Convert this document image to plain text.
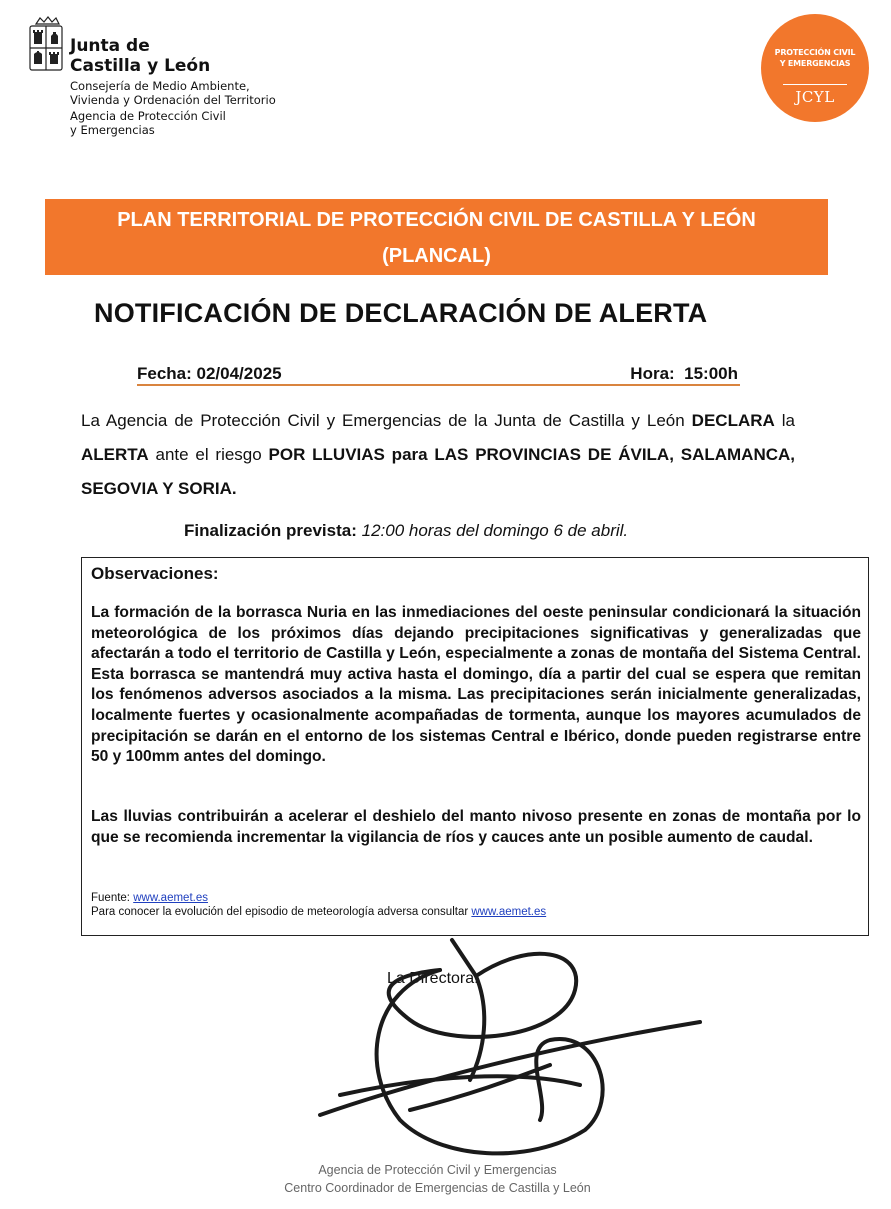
Junta de
Castilla y León
Consejería de Medio Ambiente,
Vivienda y Ordenación del Territorio
Agencia de Protección Civil
y Emergencias
PROTECCIÓN CIVIL
Y EMERGENCIAS
JCYL
PLAN TERRITORIAL DE PROTECCIÓN CIVIL DE CASTILLA Y LEÓN
(PLANCAL)
NOTIFICACIÓN DE DECLARACIÓN DE ALERTA
Fecha: 02/04/2025	Hora:  15:00h
La Agencia de Protección Civil y Emergencias de la Junta de Castilla y León DECLARA la ALERTA ante el riesgo POR LLUVIAS para LAS PROVINCIAS DE ÁVILA, SALAMANCA, SEGOVIA Y SORIA.
Finalización prevista: 12:00 horas del domingo 6 de abril.
Observaciones:
La formación de la borrasca Nuria en las inmediaciones del oeste peninsular condicionará la situación meteorológica de los próximos días dejando precipitaciones significativas y generalizadas que afectarán a todo el territorio de Castilla y León, especialmente a zonas de montaña del Sistema Central. Esta borrasca se mantendrá muy activa hasta el domingo, día a partir del cual se espera que remitan los fenómenos adversos asociados a la misma. Las precipitaciones serán inicialmente generalizadas, localmente fuertes y ocasionalmente acompañadas de tormenta, aunque los mayores acumulados de precipitación se darán en el entorno de los sistemas Central e Ibérico, donde pueden registrarse entre 50 y 100mm antes del domingo.
Las lluvias contribuirán a acelerar el deshielo del manto nivoso presente en zonas de montaña por lo que se recomienda incrementar la vigilancia de ríos y cauces ante un posible aumento de caudal.
Fuente: www.aemet.es
Para conocer la evolución del episodio de meteorología adversa consultar www.aemet.es
La Directora:
Agencia de Protección Civil y Emergencias
Centro Coordinador de Emergencias de Castilla y León
